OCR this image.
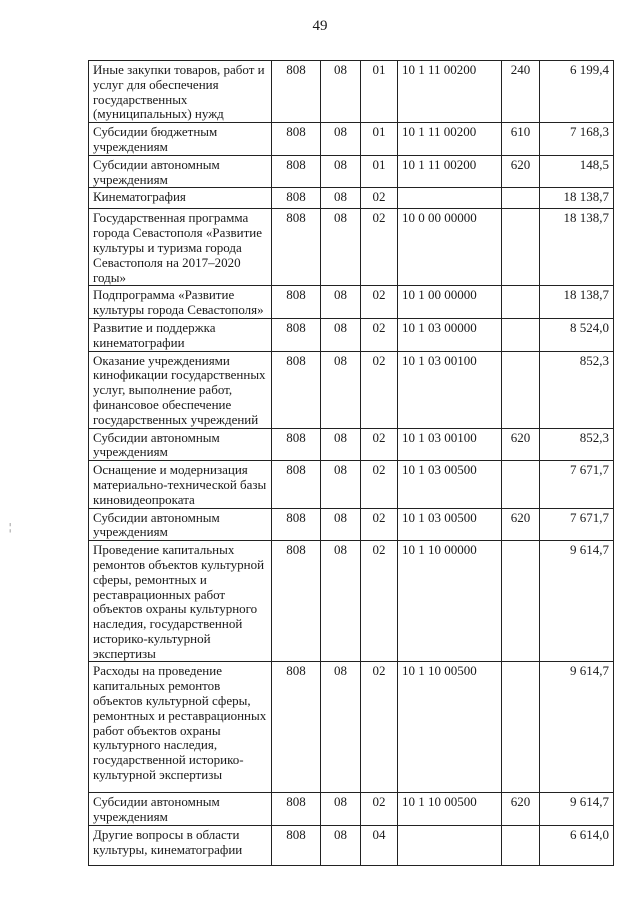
49
¦
Иные закупки товаров, работ и услуг для обеспечения государственных (муниципальных) нужд	808	08	01	10 1 11 00200	240	6 199,4
Субсидии бюджетным учреждениям	808	08	01	10 1 11 00200	610	7 168,3
Субсидии автономным учреждениям	808	08	01	10 1 11 00200	620	148,5
Кинематография	808	08	02			18 138,7
Государственная программа города Севастополя «Развитие культуры и туризма города Севастополя на 2017–2020 годы»	808	08	02	10 0 00 00000		18 138,7
Подпрограмма «Развитие культуры города Севастополя»	808	08	02	10 1 00 00000		18 138,7
Развитие и поддержка кинематографии	808	08	02	10 1 03 00000		8 524,0
Оказание учреждениями кинофикации государственных услуг, выполнение работ, финансовое обеспечение государственных учреждений	808	08	02	10 1 03 00100		852,3
Субсидии автономным учреждениям	808	08	02	10 1 03 00100	620	852,3
Оснащение и модернизация материально-технической базы киновидеопроката	808	08	02	10 1 03 00500		7 671,7
Субсидии автономным учреждениям	808	08	02	10 1 03 00500	620	7 671,7
Проведение капитальных ремонтов объектов культурной сферы, ремонтных и реставрационных работ объектов охраны культурного наследия, государственной историко-культурной экспертизы	808	08	02	10 1 10 00000		9 614,7
Расходы на проведение капитальных ремонтов объектов культурной сферы, ремонтных и реставрационных работ объектов охраны культурного наследия, государственной историко-культурной экспертизы	808	08	02	10 1 10 00500		9 614,7
Субсидии автономным учреждениям	808	08	02	10 1 10 00500	620	9 614,7
Другие вопросы в области культуры, кинематографии	808	08	04			6 614,0
